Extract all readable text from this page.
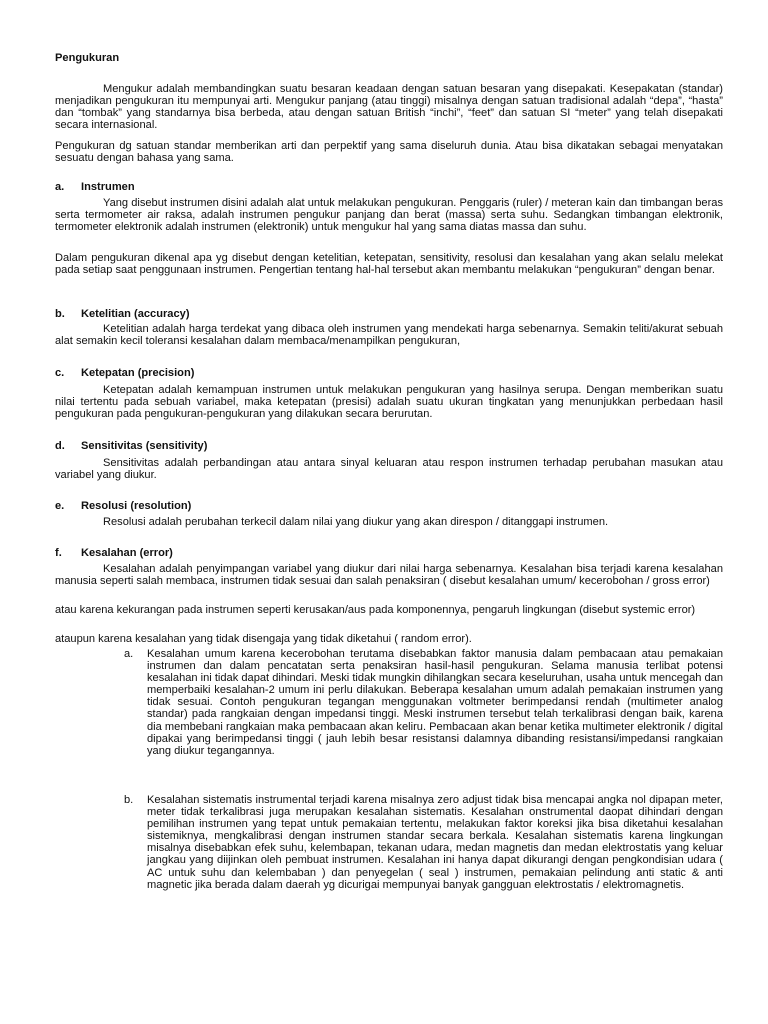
Pengukuran

Mengukur adalah membandingkan suatu besaran keadaan dengan satuan besaran yang disepakati. Kesepakatan (standar) menjadikan pengukuran itu mempunyai arti. Mengukur panjang (atau tinggi) misalnya dengan satuan tradisional adalah “depa”, “hasta” dan “tombak” yang standarnya bisa berbeda, atau dengan satuan British “inchi”, “feet” dan satuan SI “meter” yang telah disepakati secara internasional.

Pengukuran dg satuan standar memberikan arti dan perpektif yang sama diseluruh dunia. Atau bisa dikatakan sebagai menyatakan sesuatu dengan bahasa yang sama.

a. Instrumen

Yang disebut instrumen disini adalah alat untuk melakukan pengukuran. Penggaris (ruler) / meteran kain dan timbangan beras serta termometer air raksa, adalah instrumen pengukur panjang dan berat (massa) serta suhu. Sedangkan timbangan elektronik, termometer elektronik adalah instrumen (elektronik) untuk mengukur hal yang sama diatas massa dan suhu.

Dalam pengukuran dikenal apa yg disebut dengan ketelitian, ketepatan, sensitivity, resolusi dan kesalahan yang akan selalu melekat pada setiap saat penggunaan instrumen. Pengertian tentang hal-hal tersebut akan membantu melakukan “pengukuran” dengan benar.

b. Ketelitian (accuracy)

Ketelitian adalah harga terdekat yang dibaca oleh instrumen yang mendekati harga sebenarnya. Semakin teliti/akurat sebuah alat semakin kecil toleransi kesalahan dalam membaca/menampilkan pengukuran,

c. Ketepatan (precision)

Ketepatan adalah kemampuan instrumen untuk melakukan pengukuran yang hasilnya serupa. Dengan memberikan suatu nilai tertentu pada sebuah variabel, maka ketepatan (presisi) adalah suatu ukuran tingkatan yang menunjukkan perbedaan hasil pengukuran pada pengukuran-pengukuran yang dilakukan secara berurutan.

d. Sensitivitas (sensitivity)

Sensitivitas adalah perbandingan atau antara sinyal keluaran atau respon instrumen terhadap perubahan masukan atau variabel yang diukur.

e. Resolusi (resolution)

Resolusi adalah perubahan terkecil dalam nilai yang diukur yang akan direspon / ditanggapi instrumen.

f. Kesalahan (error)

Kesalahan adalah penyimpangan variabel yang diukur dari nilai harga sebenarnya. Kesalahan bisa terjadi karena kesalahan manusia seperti salah membaca, instrumen tidak sesuai dan salah penaksiran ( disebut kesalahan umum/ kecerobohan / gross error)

atau karena kekurangan pada instrumen seperti kerusakan/aus pada komponennya, pengaruh lingkungan (disebut systemic error)

ataupun karena kesalahan yang tidak disengaja yang tidak diketahui ( random error).

a. Kesalahan umum karena kecerobohan terutama disebabkan faktor manusia dalam pembacaan atau pemakaian instrumen dan dalam pencatatan serta penaksiran hasil-hasil pengukuran. Selama manusia terlibat potensi kesalahan ini tidak dapat dihindari. Meski tidak mungkin dihilangkan secara keseluruhan, usaha untuk mencegah dan memperbaiki kesalahan-2 umum ini perlu dilakukan. Beberapa kesalahan umum adalah pemakaian instrumen yang tidak sesuai. Contoh pengukuran tegangan menggunakan voltmeter berimpedansi rendah (multimeter analog standar) pada rangkaian dengan impedansi tinggi. Meski instrumen tersebut telah terkalibrasi dengan baik, karena dia membebani rangkaian maka pembacaan akan keliru. Pembacaan akan benar ketika multimeter elektronik / digital dipakai yang berimpedansi tinggi ( jauh lebih besar resistansi dalamnya dibanding resistansi/impedansi rangkaian yang diukur tegangannya.
b. Kesalahan sistematis instrumental terjadi karena misalnya zero adjust tidak bisa mencapai angka nol dipapan meter, meter tidak terkalibrasi juga merupakan kesalahan sistematis. Kesalahan onstrumental daopat dihindari dengan pemilihan instrumen yang tepat untuk pemakaian tertentu, melakukan faktor koreksi jika bisa diketahui kesalahan sistemiknya, mengkalibrasi dengan instrumen standar secara berkala. Kesalahan sistematis karena lingkungan misalnya disebabkan efek suhu, kelembapan, tekanan udara, medan magnetis dan medan elektrostatis yang keluar jangkau yang diijinkan oleh pembuat instrumen. Kesalahan ini hanya dapat dikurangi dengan pengkondisian udara ( AC untuk suhu dan kelembaban ) dan penyegelan ( seal ) instrumen, pemakaian pelindung anti static & anti magnetic jika berada dalam daerah yg dicurigai mempunyai banyak gangguan elektrostatis / elektromagnetis.
